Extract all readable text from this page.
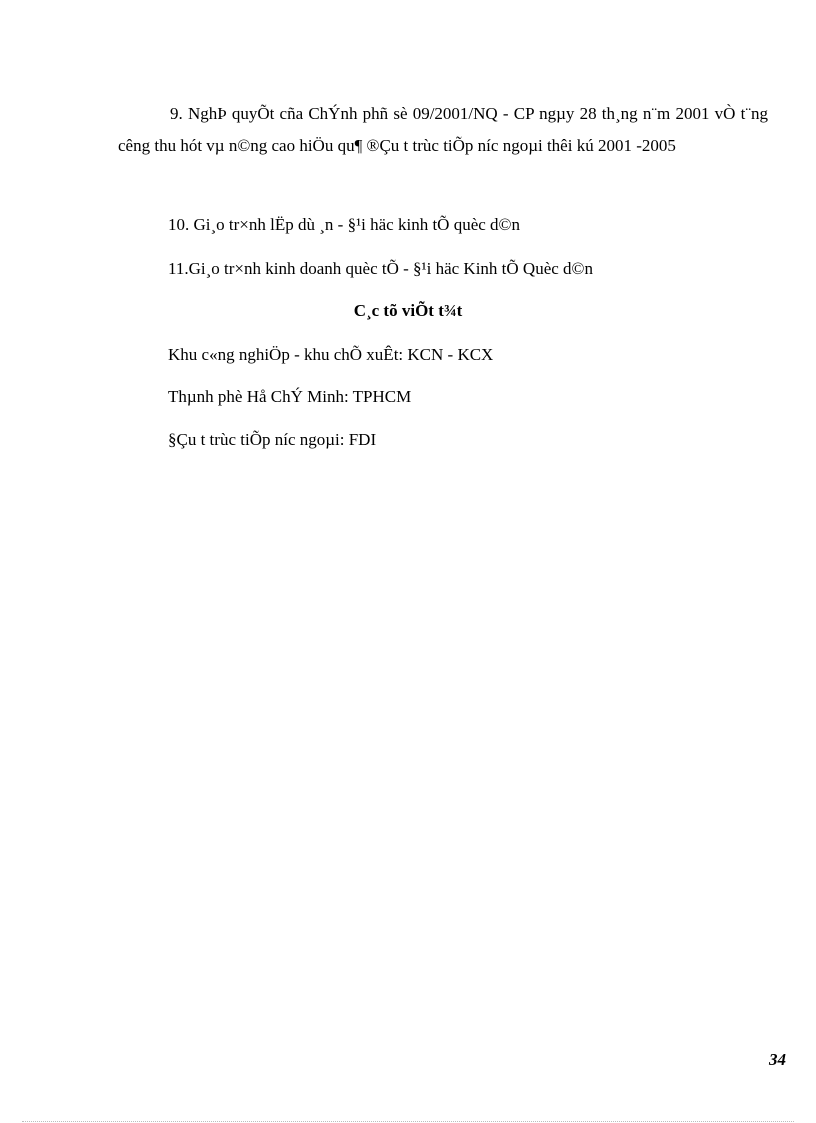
9. NghÞ quyÕt cña ChÝnh phñ sè 09/2001/NQ - CP ngµy 28 th¸ng n¨m 2001 vÒ t¨ng cêng thu hót vµ n©ng cao hiÖu qu¶ ®Çu t trùc tiÕp níc ngoµi thêi kú 2001 -2005

10. Gi¸o tr×nh lËp dù ¸n - §¹i häc kinh tÕ quèc d©n

11.Gi¸o tr×nh kinh doanh quèc tÕ - §¹i häc Kinh tÕ Quèc d©n

C¸c tõ viÕt t¾t

Khu c«ng nghiÖp - khu chÕ xuÊt: KCN - KCX

Thµnh phè Hå ChÝ Minh: TPHCM

§Çu t trùc tiÕp níc ngoµi: FDI

34
